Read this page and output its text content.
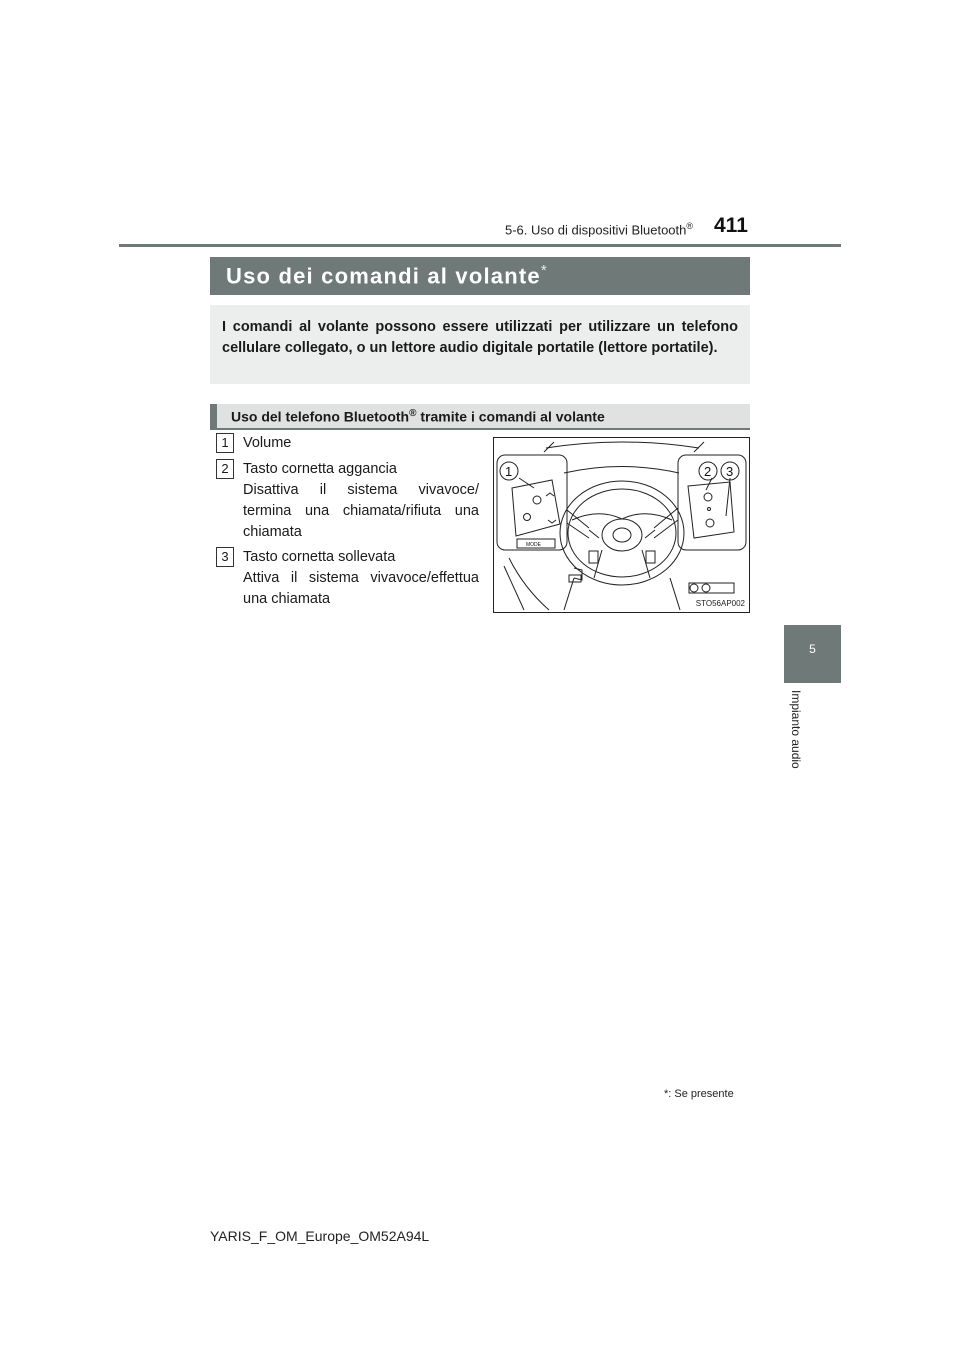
5-6. Uso di dispositivi Bluetooth® 411
5
Impianto audio
Uso dei comandi al volante*

I comandi al volante possono essere utilizzati per utilizzare un telefono cellulare collegato, o un lettore audio digitale portatile (lettore portatile).

Uso del telefono Bluetooth® tramite i comandi al volante
1 Volume
2 Tasto cornetta aggancia
Disattiva il sistema vivavoce/ termina una chiamata/rifiuta una chiamata
3 Tasto cornetta sollevata
Attiva il sistema vivavoce/effettua una chiamata
1	2 3
MODE
STO56AP002
*: Se presente
YARIS_F_OM_Europe_OM52A94L
